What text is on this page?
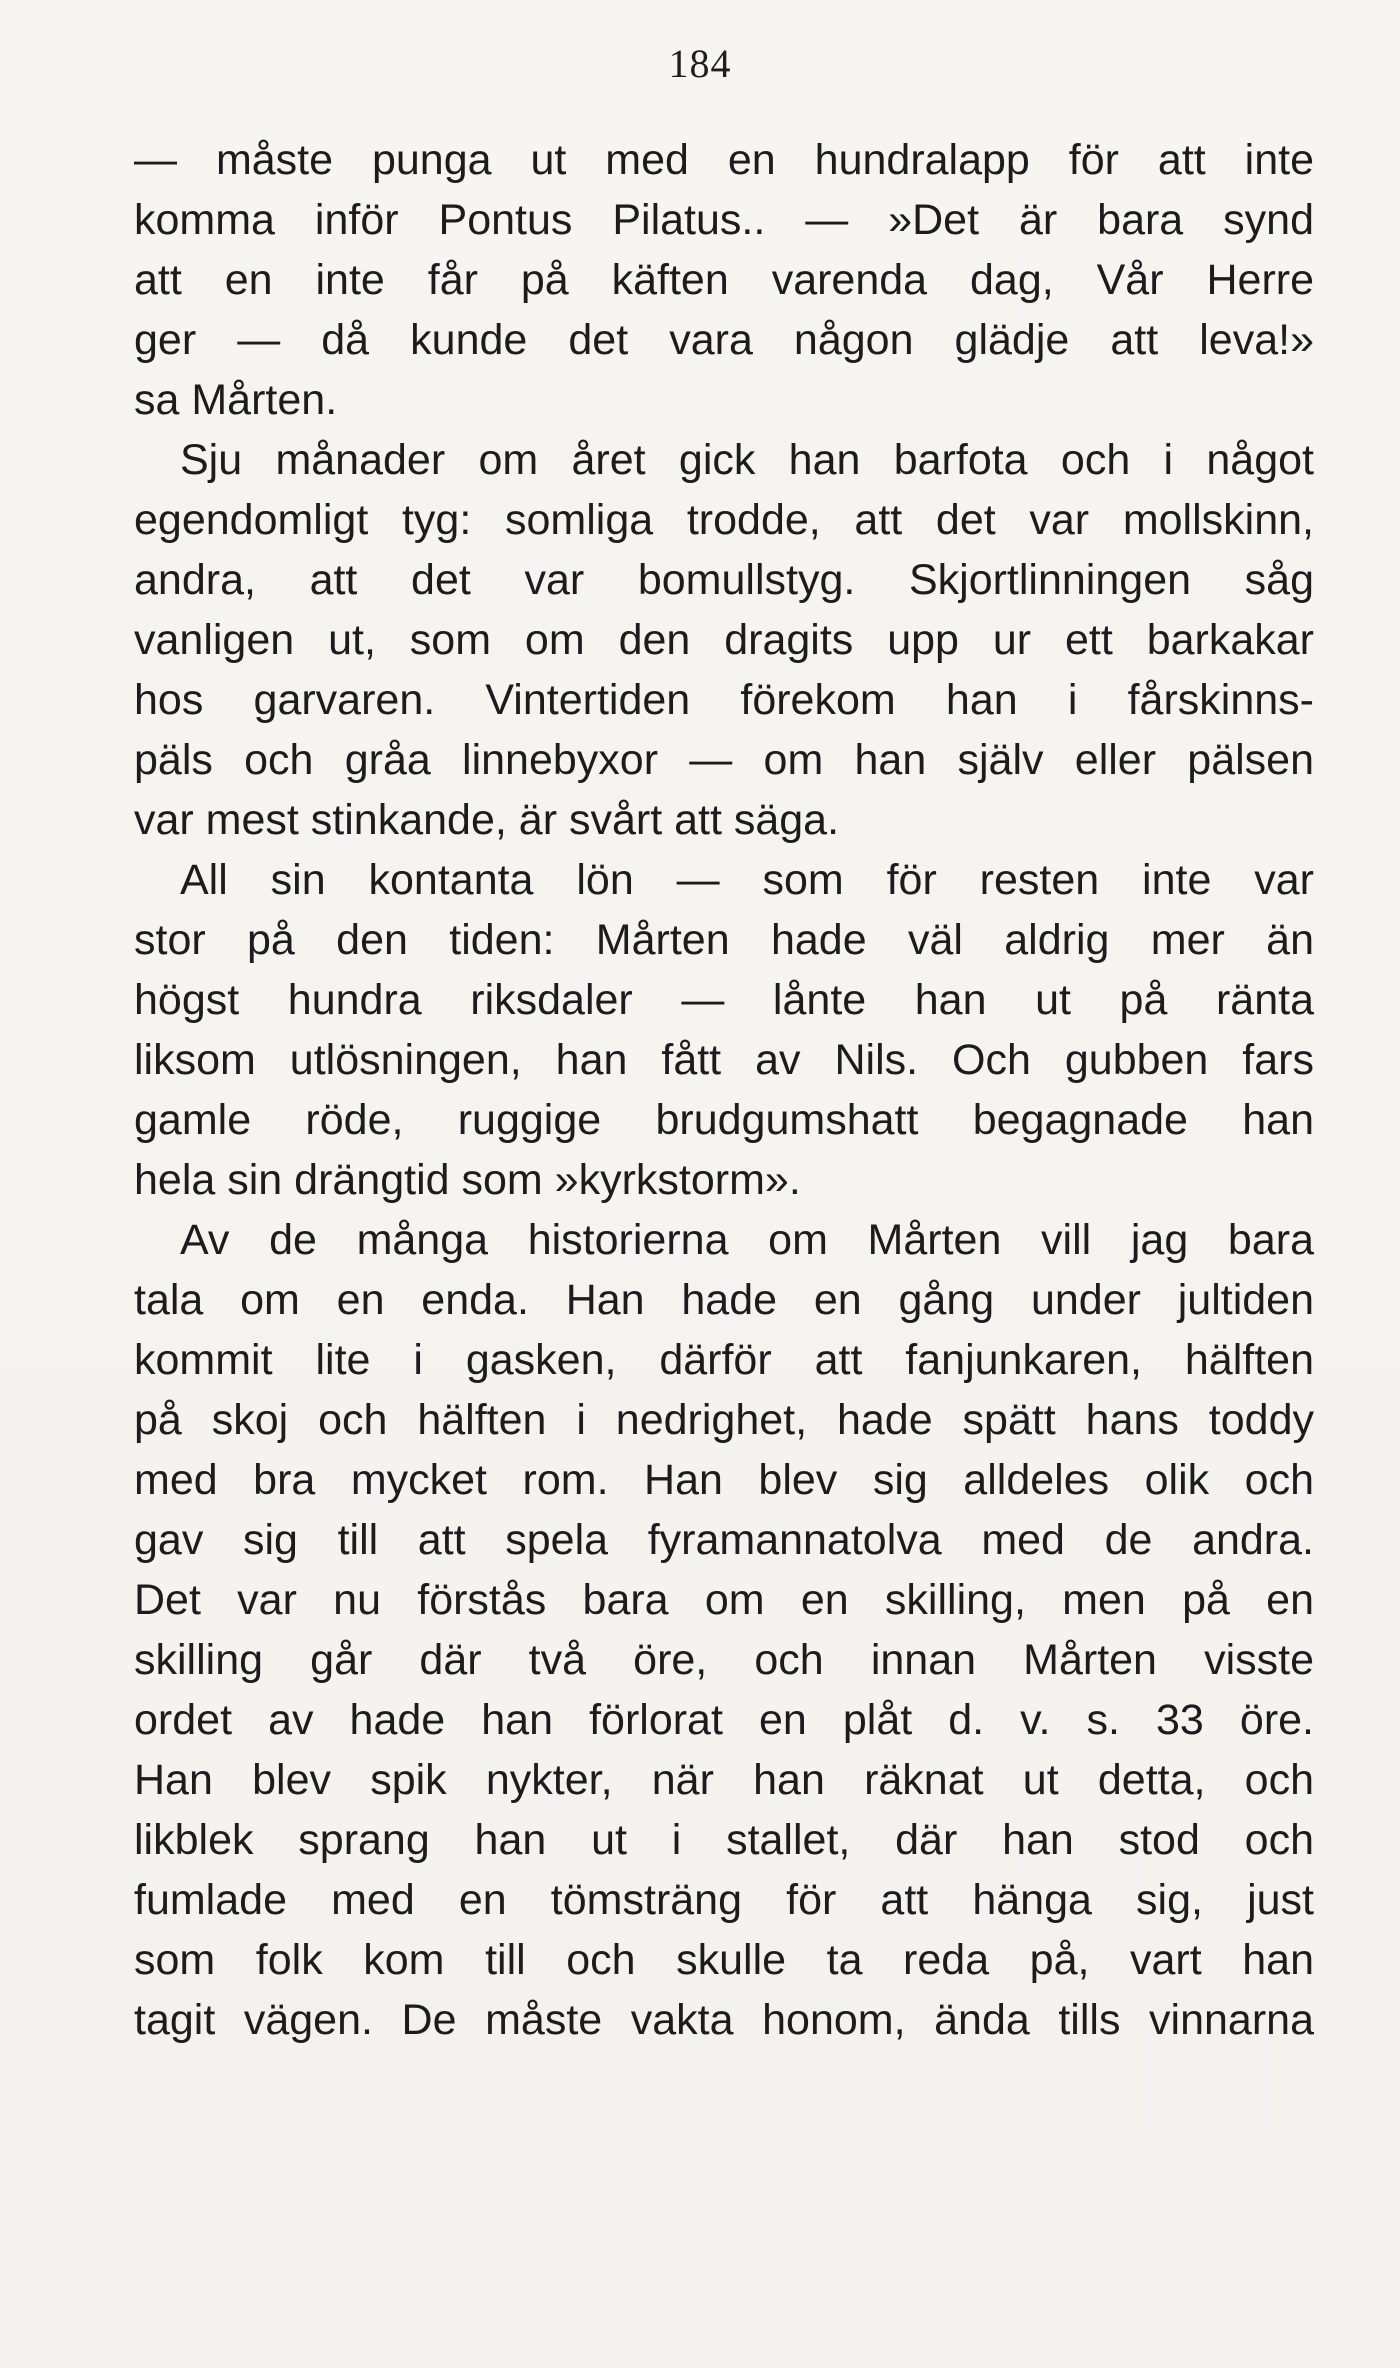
184

— måste punga ut med en hundralapp för att inte
komma inför Pontus Pilatus.. — »Det är bara synd
att en inte får på käften varenda dag, Vår Herre
ger — då kunde det vara någon glädje att leva!»
sa Mårten.

Sju månader om året gick han barfota och i något
egendomligt tyg: somliga trodde, att det var mollskinn,
andra, att det var bomullstyg. Skjortlinningen såg
vanligen ut, som om den dragits upp ur ett barkakar
hos garvaren. Vintertiden förekom han i fårskinns-
päls och gråa linnebyxor — om han själv eller pälsen
var mest stinkande, är svårt att säga.

All sin kontanta lön — som för resten inte var
stor på den tiden: Mårten hade väl aldrig mer än
högst hundra riksdaler — lånte han ut på ränta
liksom utlösningen, han fått av Nils. Och gubben fars
gamle röde, ruggige brudgumshatt begagnade han
hela sin drängtid som »kyrkstorm».

Av de många historierna om Mårten vill jag bara
tala om en enda. Han hade en gång under jultiden
kommit lite i gasken, därför att fanjunkaren, hälften
på skoj och hälften i nedrighet, hade spätt hans toddy
med bra mycket rom. Han blev sig alldeles olik och
gav sig till att spela fyramannatolva med de andra.
Det var nu förstås bara om en skilling, men på en
skilling går där två öre, och innan Mårten visste
ordet av hade han förlorat en plåt d. v. s. 33 öre.
Han blev spik nykter, när han räknat ut detta, och
likblek sprang han ut i stallet, där han stod och
fumlade med en tömsträng för att hänga sig, just
som folk kom till och skulle ta reda på, vart han
tagit vägen. De måste vakta honom, ända tills vinnarna
